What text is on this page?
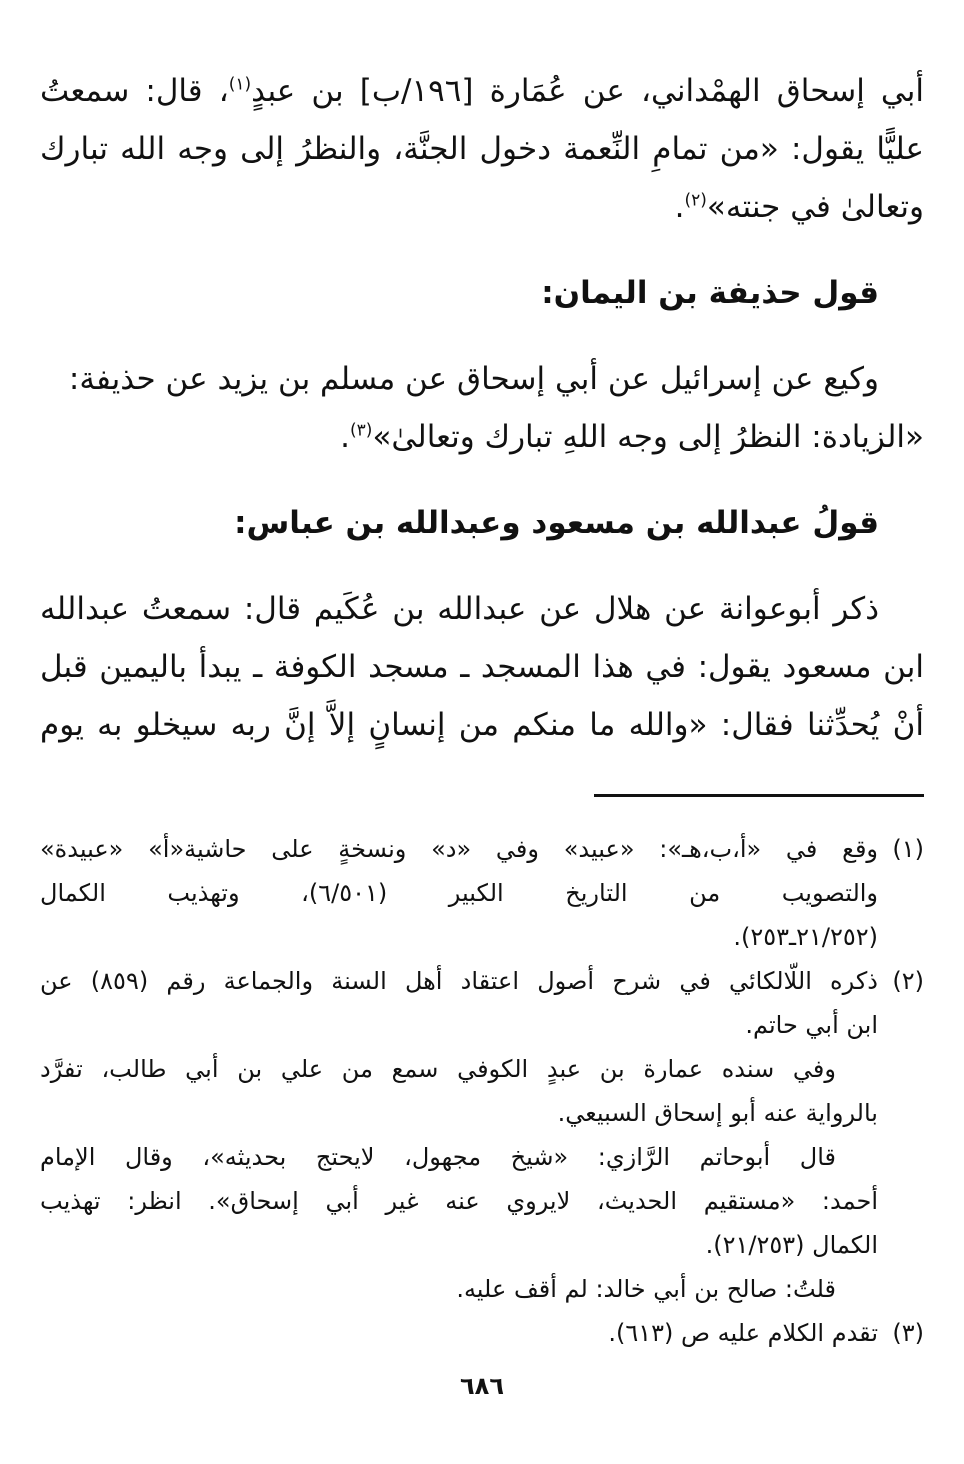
أبي إسحاق الهمْداني، عن عُمَارة [١٩٦/ب] بن عبدٍ$^{(١)}$، قال: سمعتُ
عليًّا يقول: «من تمامِ النِّعمة دخول الجنَّة، والنظرُ إلى وجه الله تبارك
وتعالىٰ في جنته»$^{(٢)}$.
قول حذيفة بن اليمان:
وكيع عن إسرائيل عن أبي إسحاق عن مسلم بن يزيد عن حذيفة:
«الزيادة: النظرُ إلى وجه اللهِ تبارك وتعالىٰ»$^{(٣)}$.
قولُ عبدالله بن مسعود وعبدالله بن عباس:
ذكر أبوعوانة عن هلال عن عبدالله بن عُكَيم قال: سمعتُ عبدالله
ابن مسعود يقول: في هذا المسجد ـ مسجد الكوفة ـ يبدأ باليمين قبل
أنْ يُحدِّثنا فقال: «والله ما منكم من إنسانٍ إلاَّ إنَّ ربه سيخلو به يوم
(١)
وقع في «أ،ب،هـ»: «عبيد» وفي «د» ونسخةٍ على حاشية«أ» «عبيدة»
والتصويب من التاريخ الكبير (٦/٥٠١)، وتهذيب الكمال
(٢١/٢٥٢ـ٢٥٣).
(٢)
ذكره اللّالكائي في شرح أصول اعتقاد أهل السنة والجماعة رقم (٨٥٩) عن
ابن أبي حاتم.
وفي سنده عمارة بن عبدٍ الكوفي سمع من علي بن أبي طالب، تفرَّد
بالرواية عنه أبو إسحاق السبيعي.
قال أبوحاتم الرَّازي: «شيخ مجهول، لايحتج بحديثه»، وقال الإمام
أحمد: «مستقيم الحديث، لايروي عنه غير أبي إسحاق». انظر: تهذيب
الكمال (٢١/٢٥٣).
قلتُ: صالح بن أبي خالد: لم أقف عليه.
(٣)
تقدم الكلام عليه ص (٦١٣).
٦٨٦
